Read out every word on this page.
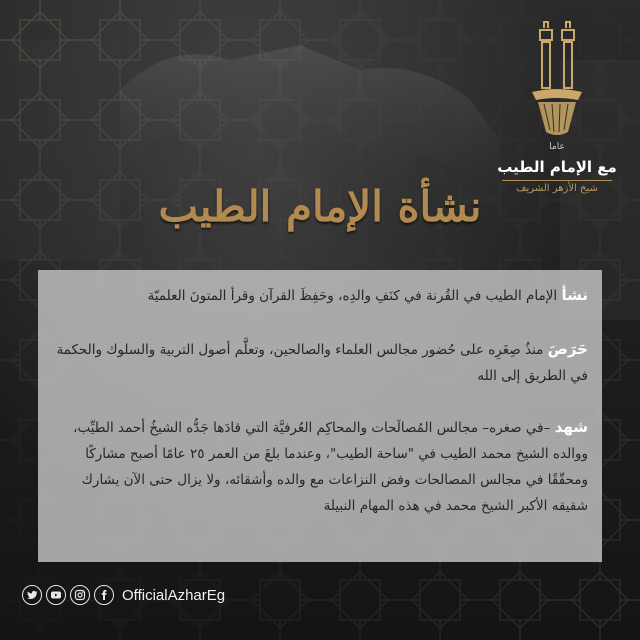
عاما
مع الإمام الطيب
شيخ الأزهر الشريف
نشأة الإمام الطيب
نشأ الإمام الطيب في القُرنة في كنَفِ والدِه، وحَفِظَ القرآن وقرأ المتونَ العلميّة
حَرَصَ منذُ صِغَرِه على حُضور مجالس العلماء والصالحين، وتعلَّم أصول التربية والسلوك والحكمة في الطريق إلى الله
شهد –في صغره– مجالس المُصالَحات والمحاكِم العُرفيَّة التي قادَها جَدُّه الشيخُ أحمد الطيِّب، ووالده الشيخ محمد الطيب في "ساحة الطيب"، وعندما بلغَ من العمر ٢٥ عامًا أصبح مشاركًا ومحقّقًا في مجالس المصالحات وفض النزاعات مع والده وأشقائه، ولا يزال حتى الآن يشارك شقيقه الأكبر الشيخ محمد في هذه المهام النبيلة
OfficialAzharEg
